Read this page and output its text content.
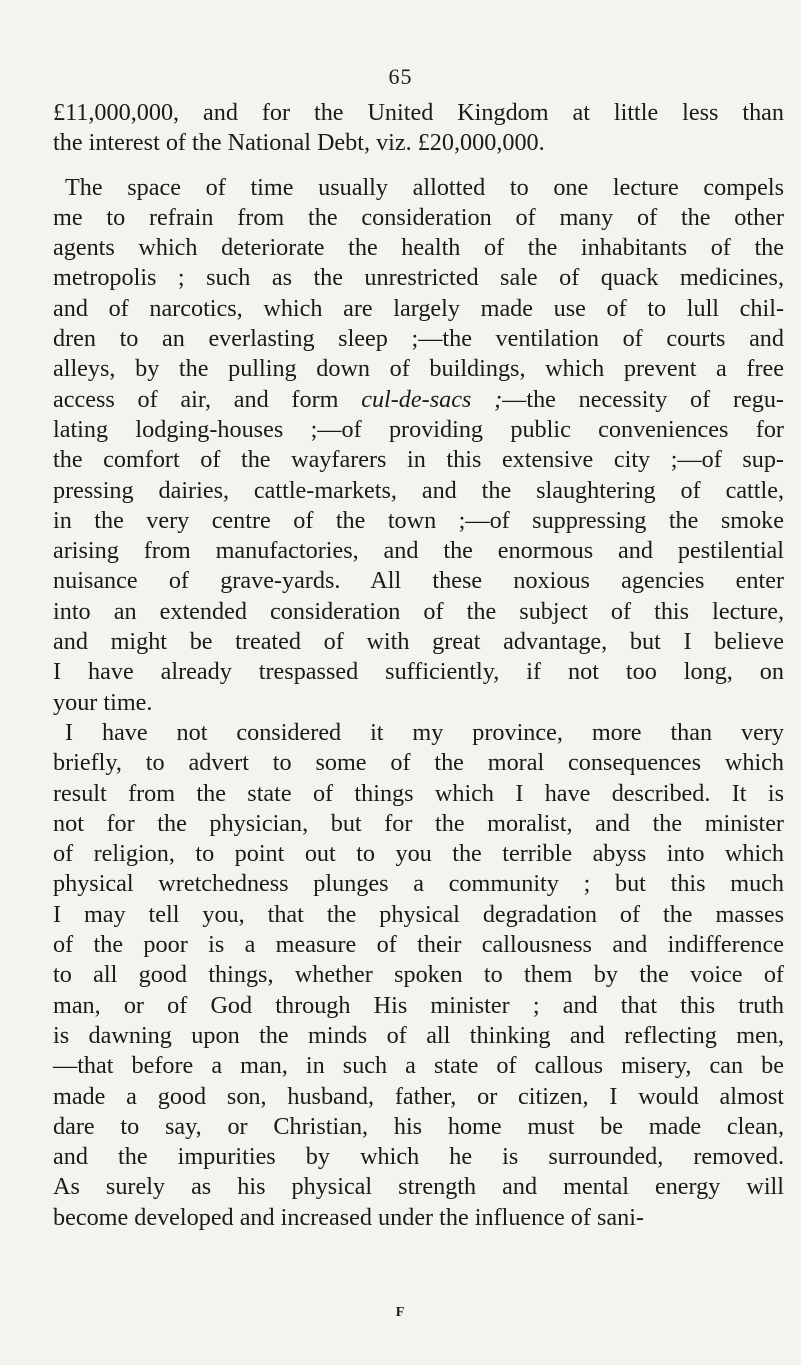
65
£11,000,000, and for the United Kingdom at little less than
the interest of the National Debt, viz. £20,000,000.
The space of time usually allotted to one lecture compels
me to refrain from the consideration of many of the other
agents which deteriorate the health of the inhabitants of the
metropolis ; such as the unrestricted sale of quack medicines,
and of narcotics, which are largely made use of to lull chil-
dren to an everlasting sleep ;—the ventilation of courts and
alleys, by the pulling down of buildings, which prevent a free
access of air, and form cul-de-sacs ;—the necessity of regu-
lating lodging-houses ;—of providing public conveniences for
the comfort of the wayfarers in this extensive city ;—of sup-
pressing dairies, cattle-markets, and the slaughtering of cattle,
in the very centre of the town ;—of suppressing the smoke
arising from manufactories, and the enormous and pestilential
nuisance of grave-yards. All these noxious agencies enter
into an extended consideration of the subject of this lecture,
and might be treated of with great advantage, but I believe
I have already trespassed sufficiently, if not too long, on
your time.
I have not considered it my province, more than very
briefly, to advert to some of the moral consequences which
result from the state of things which I have described. It is
not for the physician, but for the moralist, and the minister
of religion, to point out to you the terrible abyss into which
physical wretchedness plunges a community ; but this much
I may tell you, that the physical degradation of the masses
of the poor is a measure of their callousness and indifference
to all good things, whether spoken to them by the voice of
man, or of God through His minister ; and that this truth
is dawning upon the minds of all thinking and reflecting men,
—that before a man, in such a state of callous misery, can be
made a good son, husband, father, or citizen, I would almost
dare to say, or Christian, his home must be made clean,
and the impurities by which he is surrounded, removed.
As surely as his physical strength and mental energy will
become developed and increased under the influence of sani-
F
